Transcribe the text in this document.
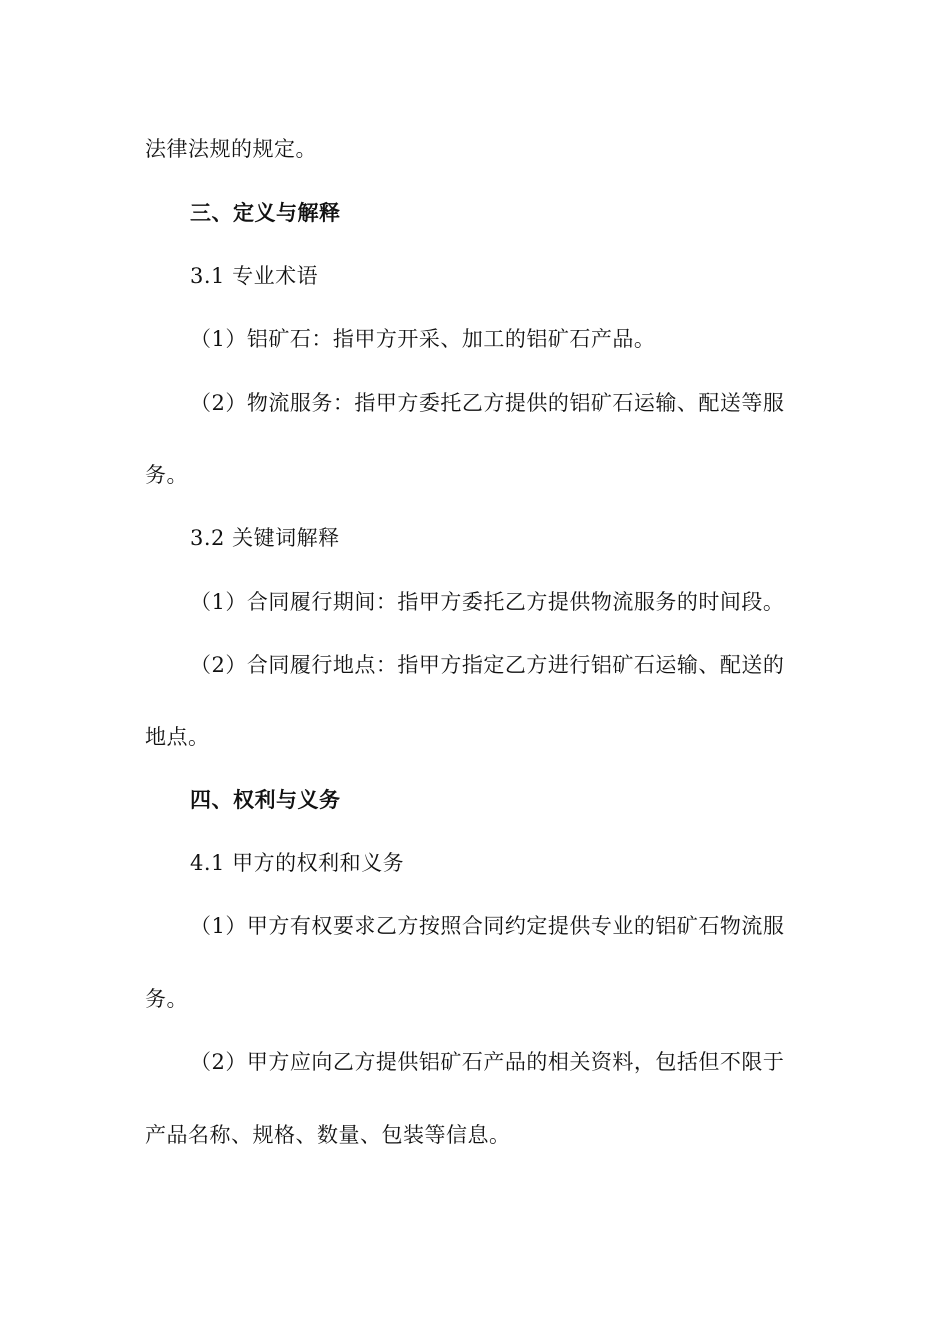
法律法规的规定。
三、定义与解释
3.1 专业术语
（1）铝矿石：指甲方开采、加工的铝矿石产品。
（2）物流服务：指甲方委托乙方提供的铝矿石运输、配送等服
务。
3.2 关键词解释
（1）合同履行期间：指甲方委托乙方提供物流服务的时间段。
（2）合同履行地点：指甲方指定乙方进行铝矿石运输、配送的
地点。
四、权利与义务
4.1 甲方的权利和义务
（1）甲方有权要求乙方按照合同约定提供专业的铝矿石物流服
务。
（2）甲方应向乙方提供铝矿石产品的相关资料，包括但不限于
产品名称、规格、数量、包装等信息。
